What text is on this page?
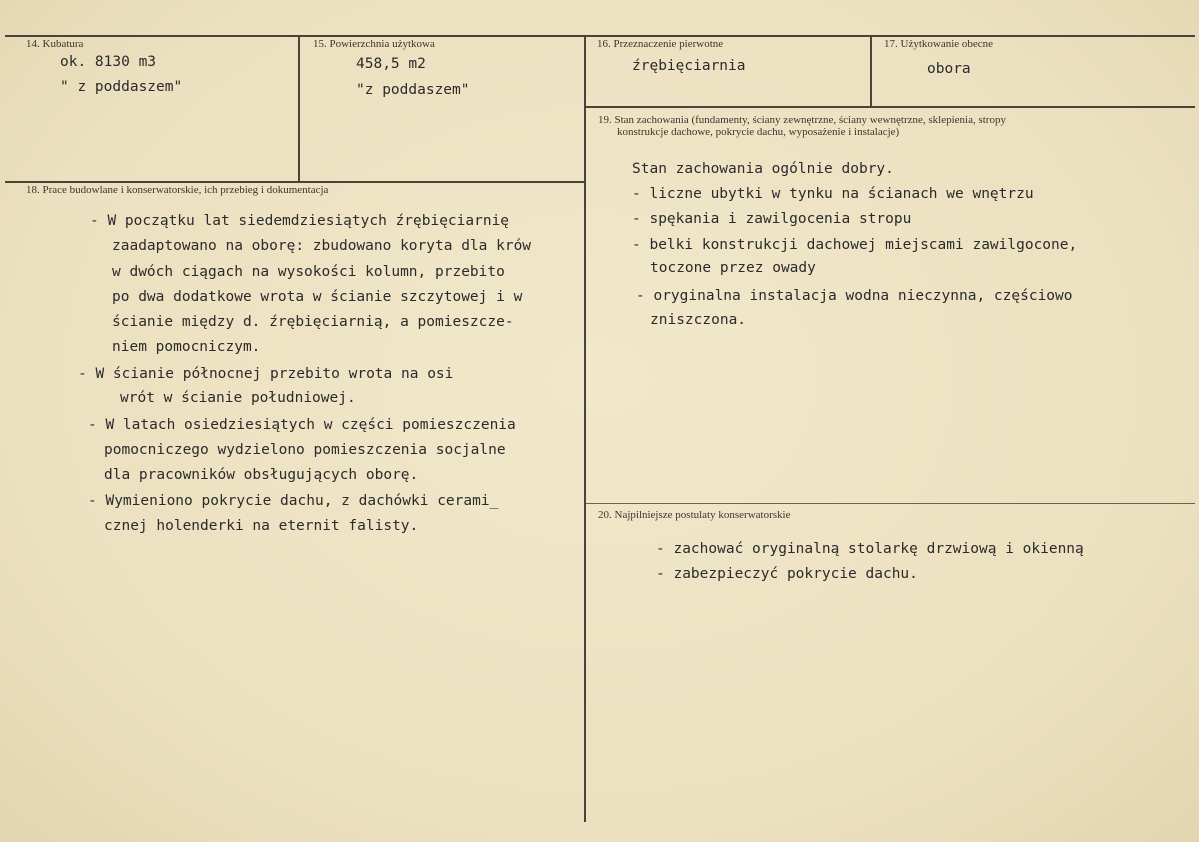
14. Kubatura
ok. 8130 m3
" z poddaszem"
15. Powierzchnia użytkowa
458,5 m2
"z poddaszem"
16. Przeznaczenie pierwotne
źrębięciarnia
17. Użytkowanie obecne
obora
19. Stan zachowania (fundamenty, ściany zewnętrzne, ściany wewnętrzne, sklepienia, stropy
konstrukcje dachowe, pokrycie dachu, wyposażenie i instalacje)
Stan zachowania ogólnie dobry.
- liczne ubytki w tynku na ścianach we wnętrzu
- spękania i zawilgocenia stropu
- belki konstrukcji dachowej miejscami zawilgocone,
toczone przez owady
- oryginalna instalacja wodna nieczynna, częściowo
zniszczona.
18. Prace budowlane i konserwatorskie, ich przebieg i dokumentacja
- W początku lat siedemdziesiątych źrębięciarnię
zaadaptowano na oborę: zbudowano koryta dla krów
w dwóch ciągach na wysokości kolumn, przebito
po dwa dodatkowe wrota w ścianie szczytowej i w
ścianie między d. źrębięciarnią, a pomieszcze-
niem pomocniczym.
- W ścianie północnej przebito wrota na osi
wrót w ścianie południowej.
- W latach osiedziesiątych w części pomieszczenia
pomocniczego wydzielono pomieszczenia socjalne
dla pracowników obsługujących oborę.
- Wymieniono pokrycie dachu, z dachówki cerami_
cznej holenderki na eternit falisty.
20. Najpilniejsze postulaty konserwatorskie
- zachować oryginalną stolarkę drzwiową i okienną
- zabezpieczyć pokrycie dachu.
